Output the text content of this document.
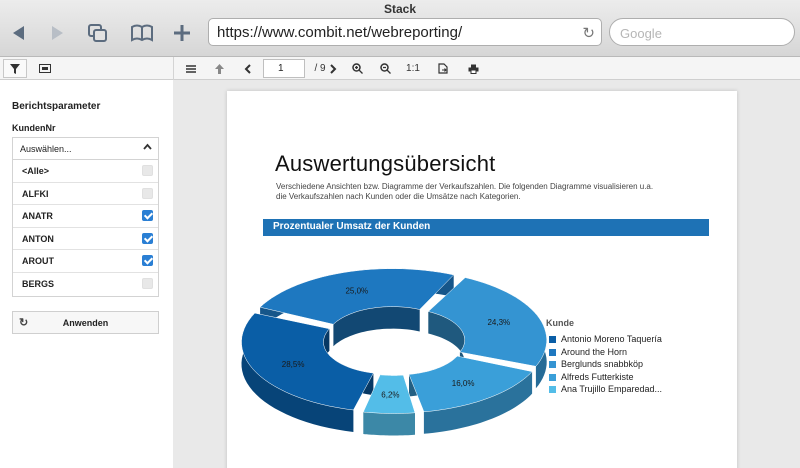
Stack
https://www.combit.net/webreporting/	↻	Google
1	/ 9	1:1
Berichtsparameter
KundenNr
Auswählen...
<Alle>
ALFKI
ANATR
ANTON
AROUT
BERGS
↻	Anwenden
Auswertungsübersicht
Verschiedene Ansichten bzw. Diagramme der Verkaufszahlen. Die folgenden Diagramme visualisieren u.a. die Verkaufszahlen nach Kunden oder die Umsätze nach Kategorien.
Prozentualer Umsatz der Kunden
28,5%
25,0%
24,3%
16,0%
6,2%
Kunde
Antonio Moreno Taquería
Around the Horn
Berglunds snabbköp
Alfreds Futterkiste
Ana Trujillo Emparedad...
